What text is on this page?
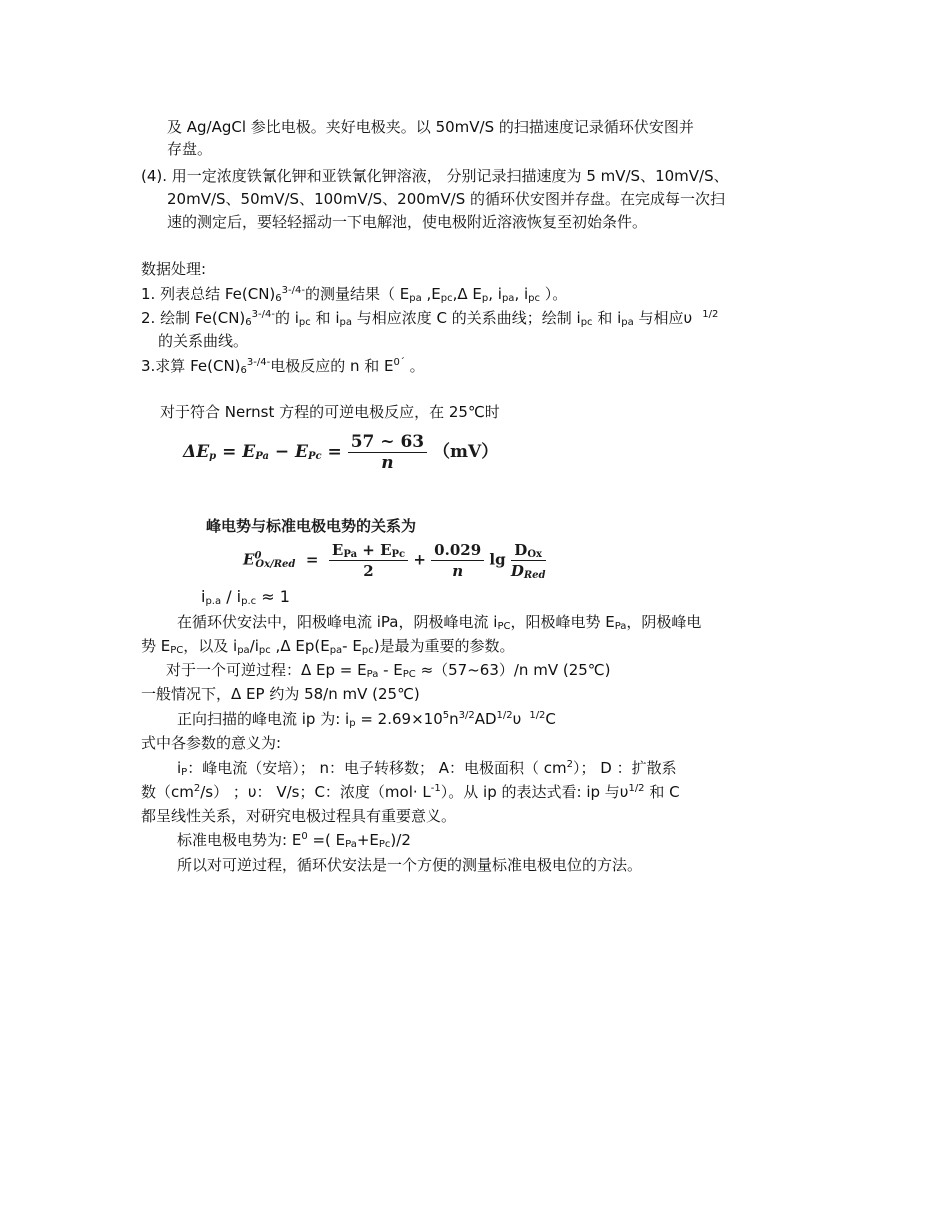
及 Ag/AgCl 参比电极。夹好电极夹。以 50mV/S 的扫描速度记录循环伏安图并
存盘。
(4). 用一定浓度铁氰化钾和亚铁氰化钾溶液， 分别记录扫描速度为 5 mV/S、10mV/S、
20mV/S、50mV/S、100mV/S、200mV/S 的循环伏安图并存盘。在完成每一次扫
速的测定后，要轻轻摇动一下电解池，使电极附近溶液恢复至初始条件。
数据处理:
1. 列表总结 $Fe(CN)_6^{3-/4-}$的测量结果（ $E_{pa}$ $,E_{pc},\Delta$ $E_p$, $i_{pa}$, $i_{pc}$ ）。
2. 绘制 $Fe(CN)_6^{3-/4-}$的 $i_{pc}$ 和 $i_{pa}$ 与相应浓度 C 的关系曲线；绘制 $i_{pc}$ 和 $i_{pa}$ 与相应υ $^{1/2}$
的关系曲线。
3.求算 $Fe(CN)_6^{3-/4-}$电极反应的 n 和 $E^{0´}$ 。
对于符合 Nernst 方程的可逆电极反应，在 25℃时
$\Delta E_p = E_{Pa} - E_{Pc} = \frac{57 \sim 63}{n} (mV)$
峰电势与标准电极电势的关系为
$E^0_{Ox/Red} = \frac{E_{Pa} + E_{Pc}}{2} + \frac{0.029}{n}$ $\lg \frac{D_{Ox}}{D_{Red}}$
$i_{p.a} / i_{p.c} \approx 1$
在循环伏安法中，阳极峰电流 iPa，阴极峰电流 $i_{PC}$，阳极峰电势 $E_{Pa}$，阴极峰电
势 $E_{PC}$，以及 $i_{pa}/i_{pc}$ ,Δ $Ep(E_{pa}-$ $E_{pc}$)是最为重要的参数。
对于一个可逆过程：Δ $Ep = E_{Pa} - E_{PC}$ ≈（57~63）/n mV (25℃)
一般情况下，Δ EP 约为 58/n mV (25℃)
正向扫描的峰电流 ip 为: $i_p = 2.69\times 10^5n^{3/2}AD^{1/2}\upsilon$ $^{1/2}$C
式中各参数的意义为:
$i_P$：峰电流（安培）； n：电子转移数； A：电极面积（ $cm^2$）； D ：扩散系
数$(cm^2/s)$ ；υ： V/s；C：浓度$(mol\cdot L^{-1})$。从 ip 的表达式看: ip 与$\upsilon^{1/2}$ 和 C
都呈线性关系，对研究电极过程具有重要意义。
标准电极电势为: $E^0$ =( $E_{Pa}+E_{Pc})/2$
所以对可逆过程，循环伏安法是一个方便的测量标准电极电位的方法。
